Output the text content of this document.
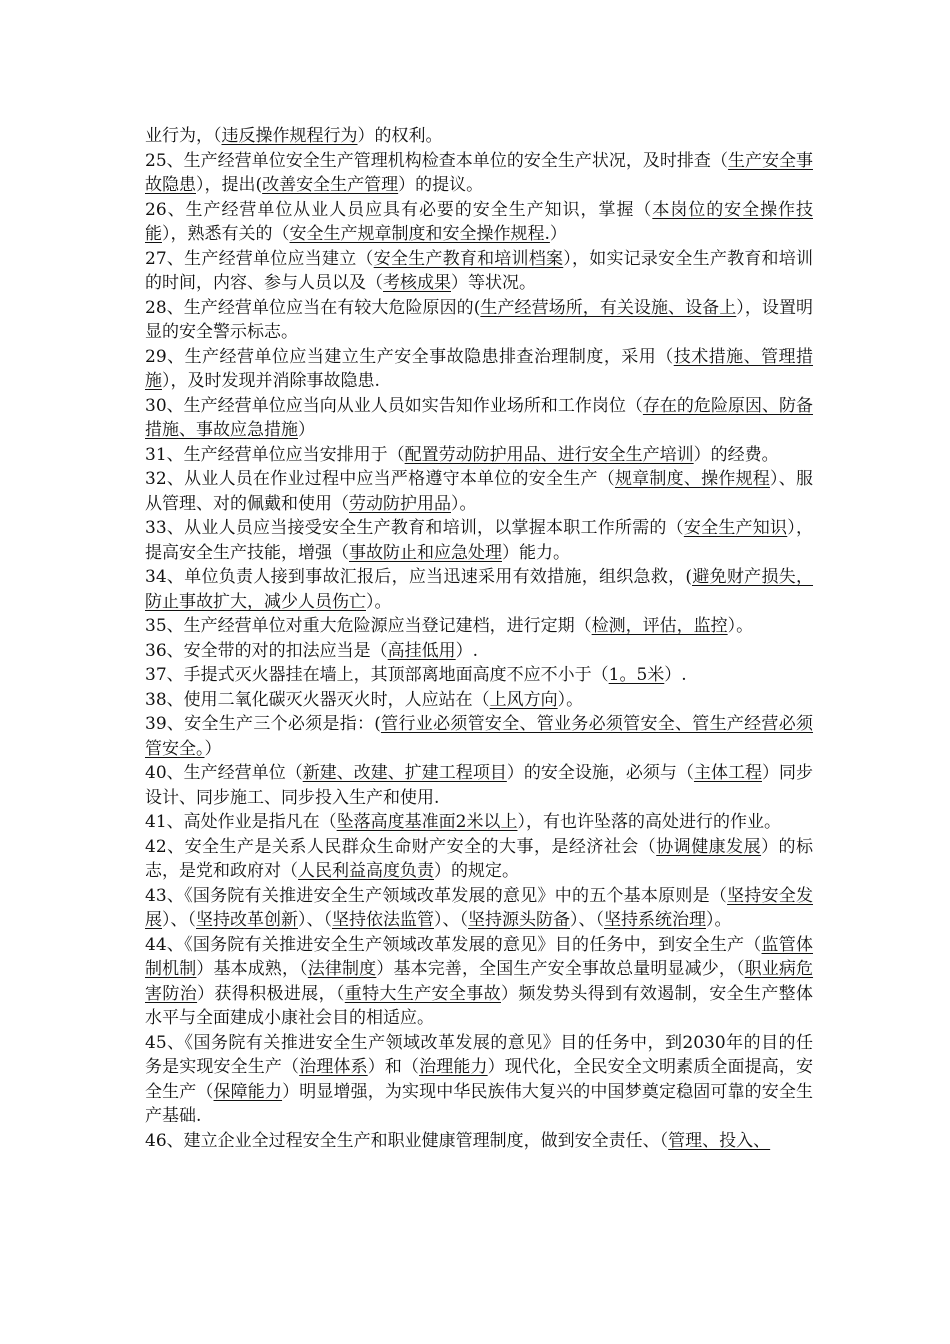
业行为，（违反操作规程行为）的权利。

25、生产经营单位安全生产管理机构检查本单位的安全生产状况，及时排查（生产安全事故隐患），提出(改善安全生产管理）的提议。

26、生产经营单位从业人员应具有必要的安全生产知识，掌握（本岗位的安全操作技能），熟悉有关的（安全生产规章制度和安全操作规程.）

27、生产经营单位应当建立（安全生产教育和培训档案），如实记录安全生产教育和培训的时间，内容、参与人员以及（考核成果）等状况。

28、生产经营单位应当在有较大危险原因的(生产经营场所，有关设施、设备上），设置明显的安全警示标志。

29、生产经营单位应当建立生产安全事故隐患排查治理制度，采用（技术措施、管理措施），及时发现并消除事故隐患.

30、生产经营单位应当向从业人员如实告知作业场所和工作岗位（存在的危险原因、防备措施、事故应急措施）

31、生产经营单位应当安排用于（配置劳动防护用品、进行安全生产培训）的经费。

32、从业人员在作业过程中应当严格遵守本单位的安全生产（规章制度、操作规程）、服从管理、对的佩戴和使用（劳动防护用品）。

33、从业人员应当接受安全生产教育和培训，以掌握本职工作所需的（安全生产知识），提高安全生产技能，增强（事故防止和应急处理）能力。

34、单位负责人接到事故汇报后，应当迅速采用有效措施，组织急救，(避免财产损失，防止事故扩大，减少人员伤亡）。

35、生产经营单位对重大危险源应当登记建档，进行定期（检测，评估，监控）。

36、安全带的对的扣法应当是（高挂低用）.

37、手提式灭火器挂在墙上，其顶部离地面高度不应不小于（1。5米）.

38、使用二氧化碳灭火器灭火时，人应站在（上风方向）。

39、安全生产三个必须是指：(管行业必须管安全、管业务必须管安全、管生产经营必须管安全。）

40、生产经营单位（新建、改建、扩建工程项目）的安全设施，必须与（主体工程）同步设计、同步施工、同步投入生产和使用.

41、高处作业是指凡在（坠落高度基准面2米以上），有也许坠落的高处进行的作业。

42、安全生产是关系人民群众生命财产安全的大事，是经济社会（协调健康发展）的标志，是党和政府对（人民利益高度负责）的规定。

43、《国务院有关推进安全生产领域改革发展的意见》中的五个基本原则是（坚持安全发展）、（坚持改革创新）、（坚持依法监管）、（坚持源头防备）、（坚持系统治理）。

44、《国务院有关推进安全生产领域改革发展的意见》目的任务中，到安全生产（监管体制机制）基本成熟，（法律制度）基本完善，全国生产安全事故总量明显减少，（职业病危害防治）获得积极进展，（重特大生产安全事故）频发势头得到有效遏制，安全生产整体水平与全面建成小康社会目的相适应。

45、《国务院有关推进安全生产领域改革发展的意见》目的任务中，到2030年的目的任务是实现安全生产（治理体系）和（治理能力）现代化，全民安全文明素质全面提高，安全生产（保障能力）明显增强，为实现中华民族伟大复兴的中国梦奠定稳固可靠的安全生产基础.

46、建立企业全过程安全生产和职业健康管理制度，做到安全责任、（管理、投入、
